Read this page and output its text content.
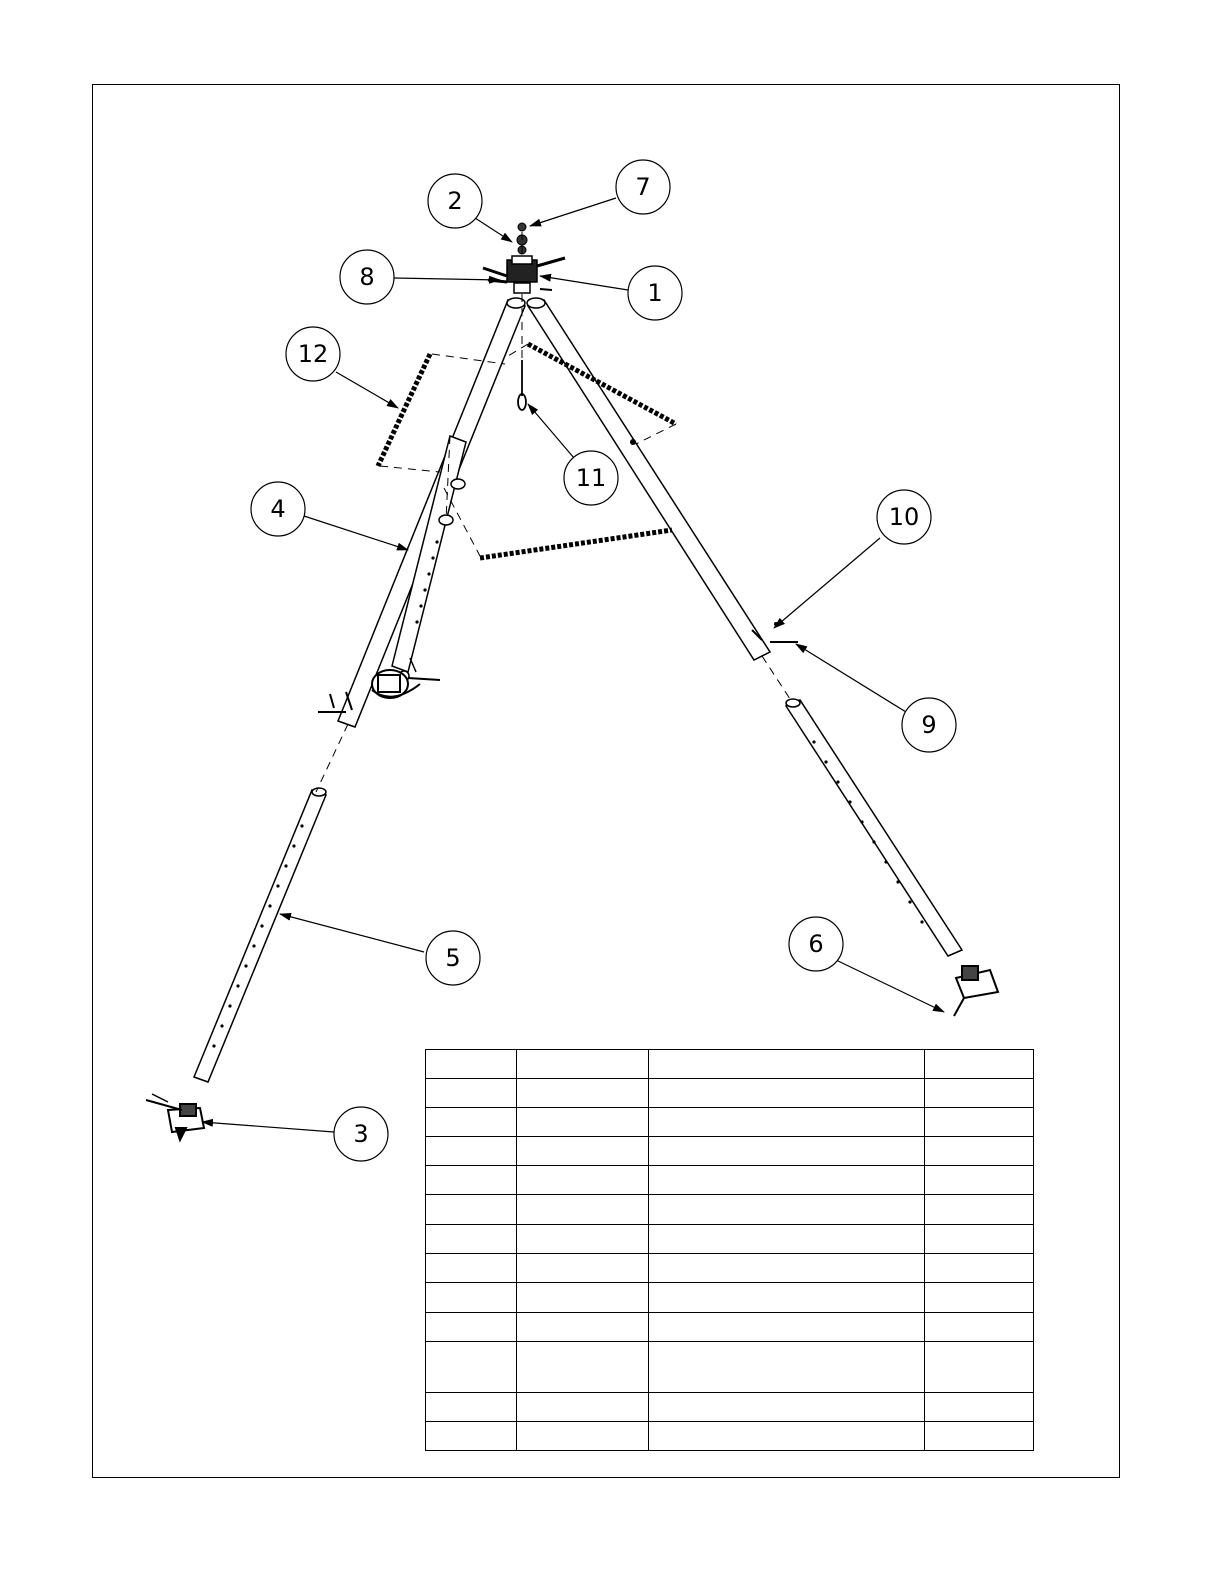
2	7
8
1
12
11
4	10
9
5	6
3
